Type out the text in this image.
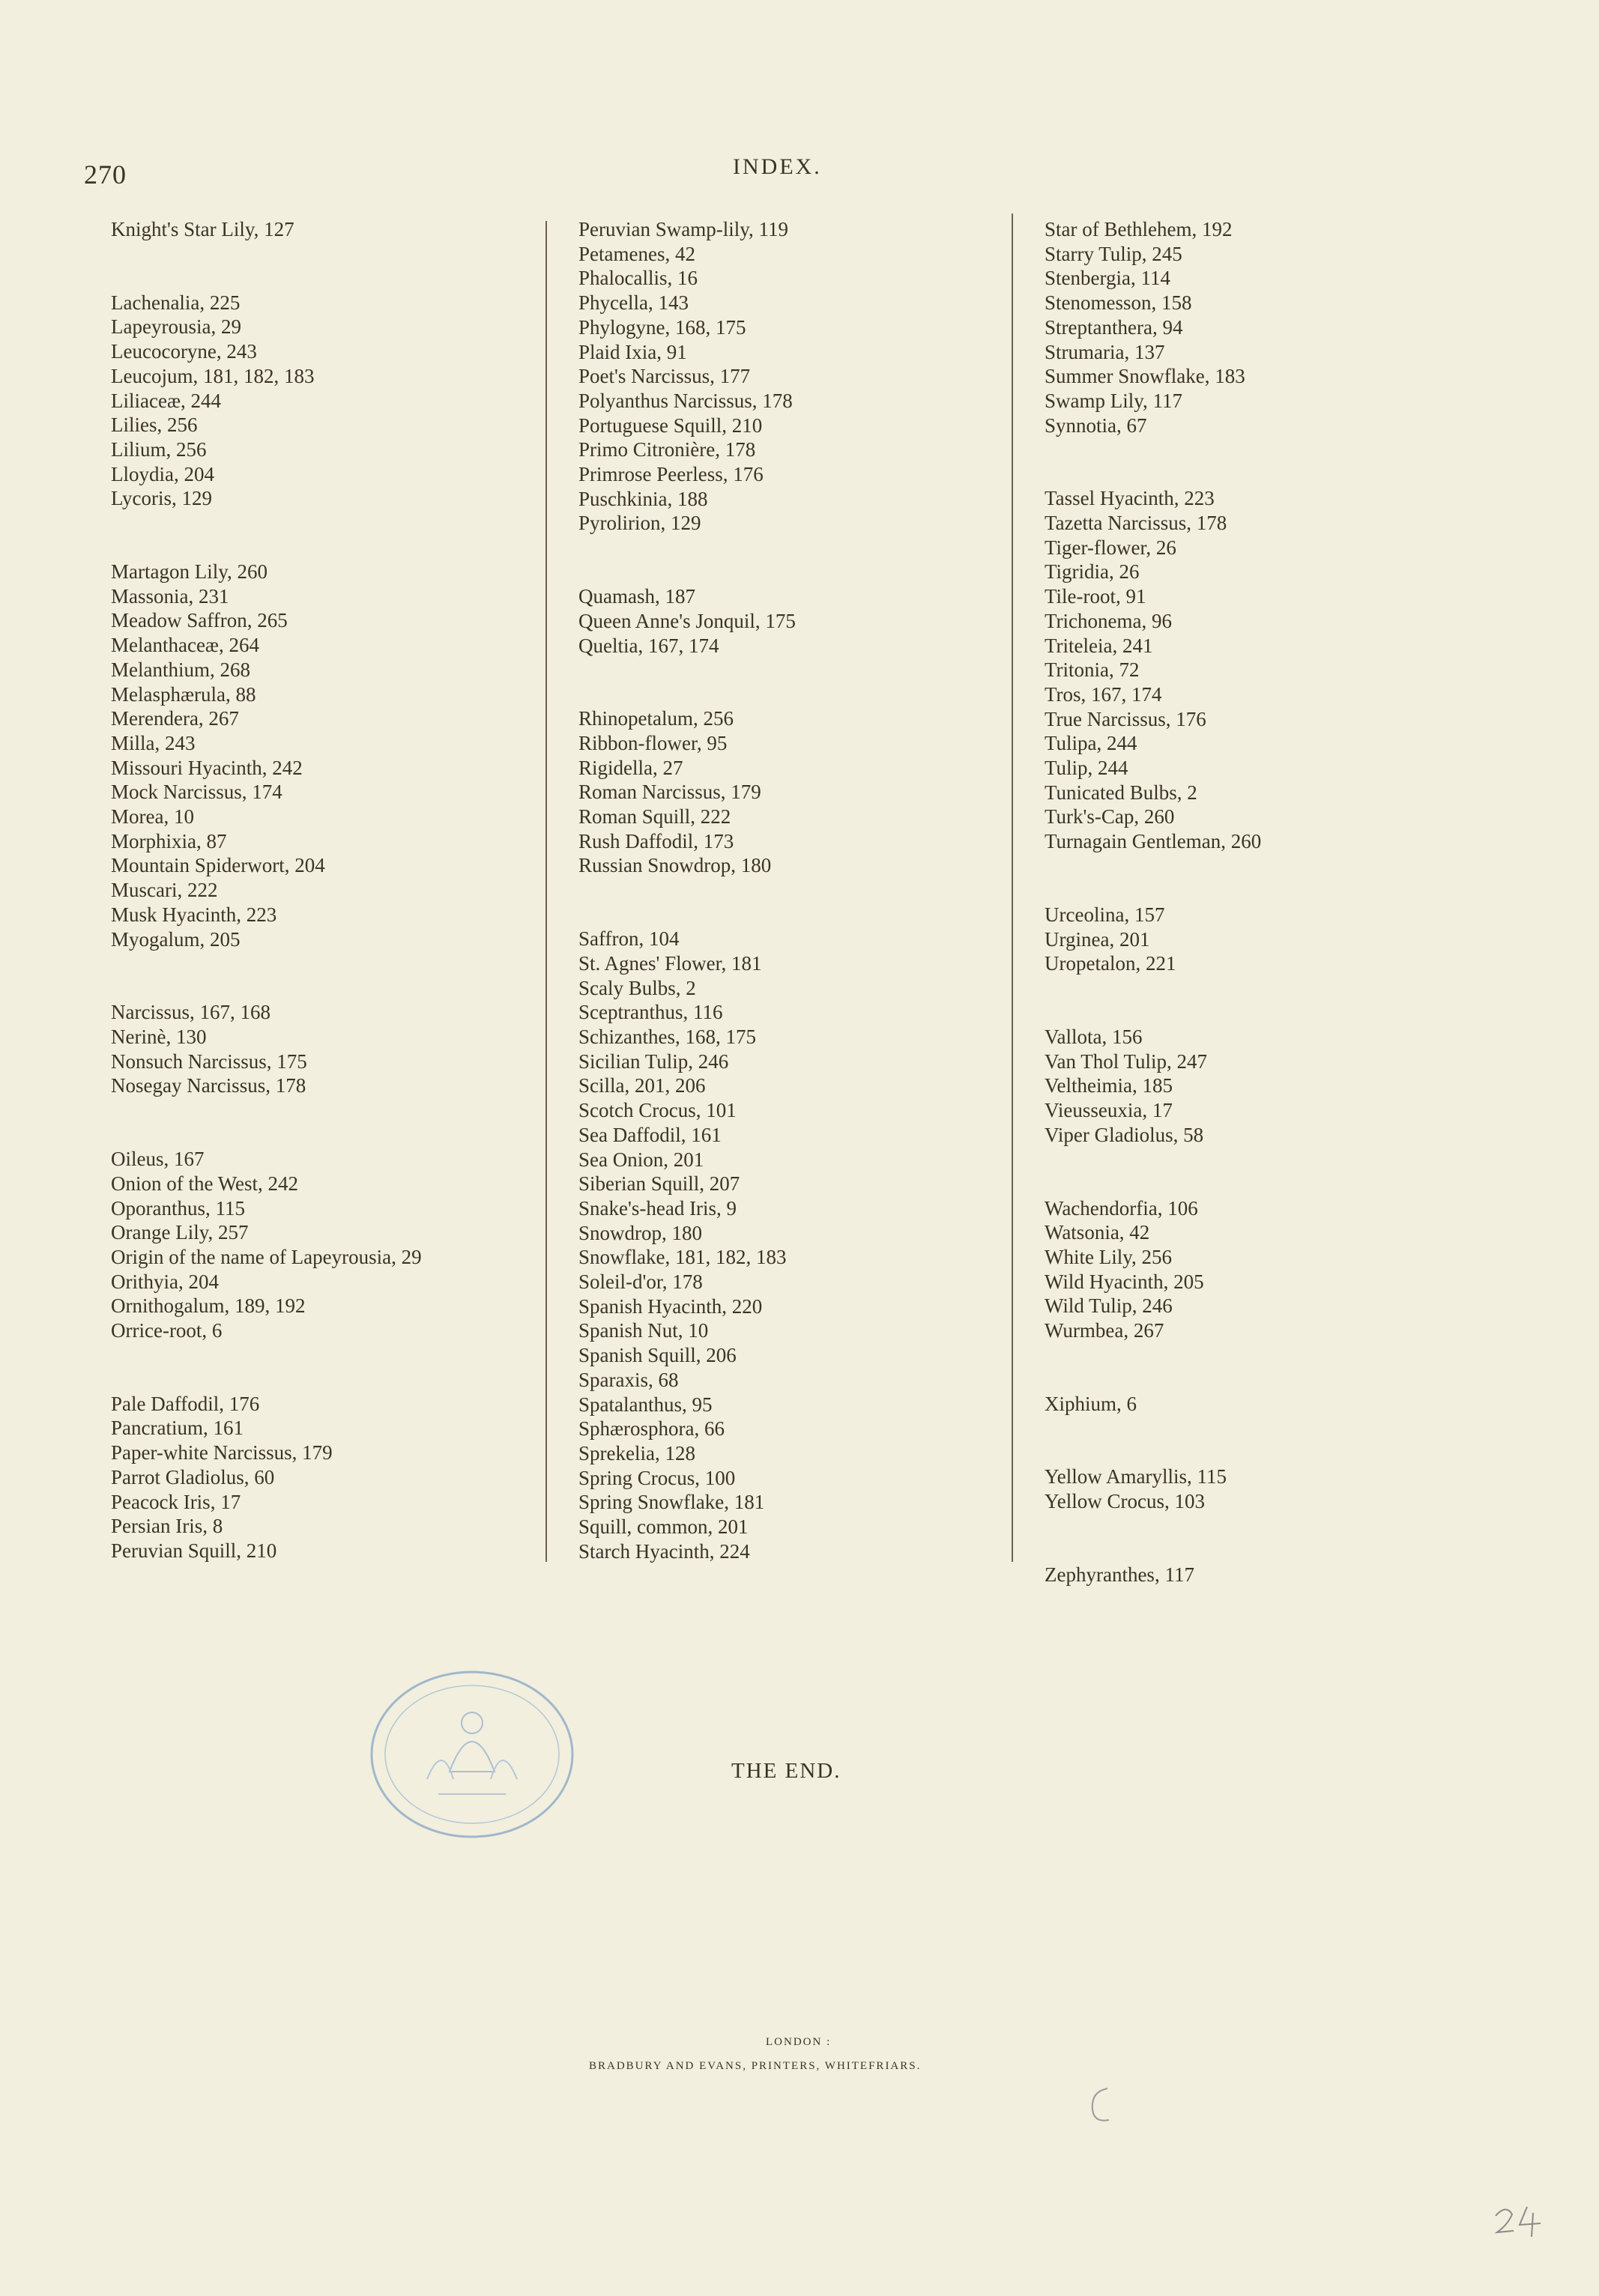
270	INDEX.
Knight's Star Lily, 127
Lachenalia, 225
Lapeyrousia, 29
Leucocoryne, 243
Leucojum, 181, 182, 183
Liliaceæ, 244
Lilies, 256
Lilium, 256
Lloydia, 204
Lycoris, 129
Martagon Lily, 260
Massonia, 231
Meadow Saffron, 265
Melanthaceæ, 264
Melanthium, 268
Melasphærula, 88
Merendera, 267
Milla, 243
Missouri Hyacinth, 242
Mock Narcissus, 174
Morea, 10
Morphixia, 87
Mountain Spiderwort, 204
Muscari, 222
Musk Hyacinth, 223
Myogalum, 205
Narcissus, 167, 168
Nerinè, 130
Nonsuch Narcissus, 175
Nosegay Narcissus, 178
Oileus, 167
Onion of the West, 242
Oporanthus, 115
Orange Lily, 257
Origin of the name of Lapeyrousia, 29
Orithyia, 204
Ornithogalum, 189, 192
Orrice-root, 6
Pale Daffodil, 176
Pancratium, 161
Paper-white Narcissus, 179
Parrot Gladiolus, 60
Peacock Iris, 17
Persian Iris, 8
Peruvian Squill, 210
Peruvian Swamp-lily, 119
Petamenes, 42
Phalocallis, 16
Phycella, 143
Phylogyne, 168, 175
Plaid Ixia, 91
Poet's Narcissus, 177
Polyanthus Narcissus, 178
Portuguese Squill, 210
Primo Citronière, 178
Primrose Peerless, 176
Puschkinia, 188
Pyrolirion, 129
Quamash, 187
Queen Anne's Jonquil, 175
Queltia, 167, 174
Rhinopetalum, 256
Ribbon-flower, 95
Rigidella, 27
Roman Narcissus, 179
Roman Squill, 222
Rush Daffodil, 173
Russian Snowdrop, 180
Saffron, 104
St. Agnes' Flower, 181
Scaly Bulbs, 2
Sceptranthus, 116
Schizanthes, 168, 175
Sicilian Tulip, 246
Scilla, 201, 206
Scotch Crocus, 101
Sea Daffodil, 161
Sea Onion, 201
Siberian Squill, 207
Snake's-head Iris, 9
Snowdrop, 180
Snowflake, 181, 182, 183
Soleil-d'or, 178
Spanish Hyacinth, 220
Spanish Nut, 10
Spanish Squill, 206
Sparaxis, 68
Spatalanthus, 95
Sphærosphora, 66
Sprekelia, 128
Spring Crocus, 100
Spring Snowflake, 181
Squill, common, 201
Starch Hyacinth, 224
Star of Bethlehem, 192
Starry Tulip, 245
Stenbergia, 114
Stenomesson, 158
Streptanthera, 94
Strumaria, 137
Summer Snowflake, 183
Swamp Lily, 117
Synnotia, 67
Tassel Hyacinth, 223
Tazetta Narcissus, 178
Tiger-flower, 26
Tigridia, 26
Tile-root, 91
Trichonema, 96
Triteleia, 241
Tritonia, 72
Tros, 167, 174
True Narcissus, 176
Tulipa, 244
Tulip, 244
Tunicated Bulbs, 2
Turk's-Cap, 260
Turnagain Gentleman, 260
Urceolina, 157
Urginea, 201
Uropetalon, 221
Vallota, 156
Van Thol Tulip, 247
Veltheimia, 185
Vieusseuxia, 17
Viper Gladiolus, 58
Wachendorfia, 106
Watsonia, 42
White Lily, 256
Wild Hyacinth, 205
Wild Tulip, 246
Wurmbea, 267
Xiphium, 6
Yellow Amaryllis, 115
Yellow Crocus, 103
Zephyranthes, 117
THE END.
LONDON :
BRADBURY AND EVANS, PRINTERS, WHITEFRIARS.
